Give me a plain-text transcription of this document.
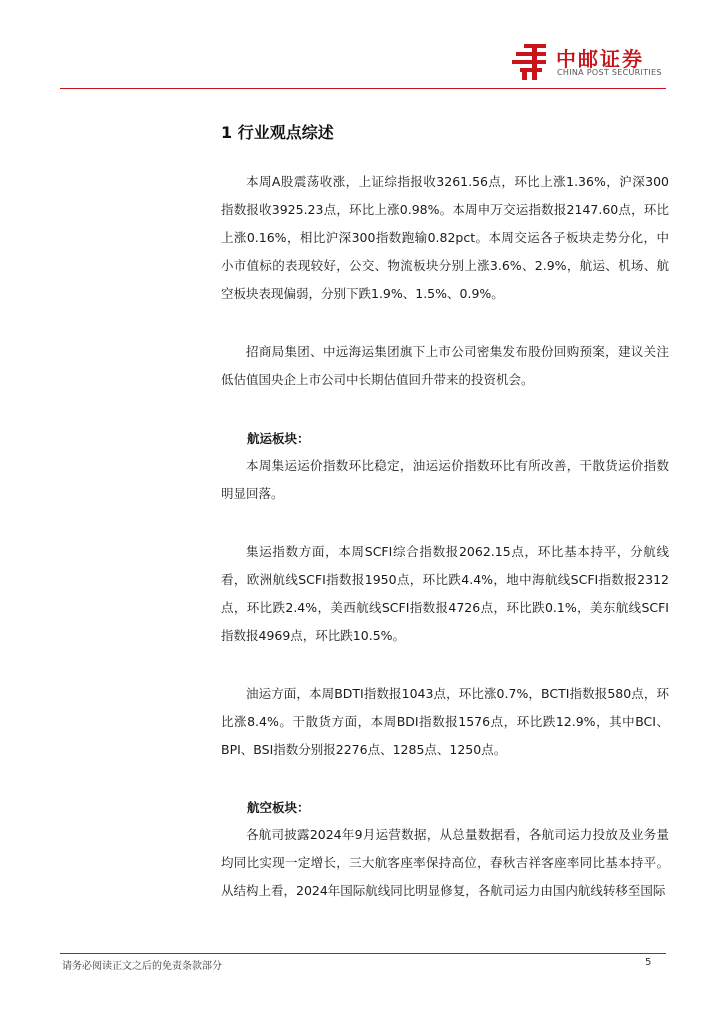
中邮证券
CHINA POST SECURITIES
1 行业观点综述

本周A股震荡收涨，上证综指报收3261.56点，环比上涨1.36%，沪深300指数报收3925.23点，环比上涨0.98%。本周申万交运指数报2147.60点，环比上涨0.16%，相比沪深300指数跑输0.82pct。本周交运各子板块走势分化，中小市值标的表现较好，公交、物流板块分别上涨3.6%、2.9%，航运、机场、航空板块表现偏弱，分别下跌1.9%、1.5%、0.9%。

招商局集团、中远海运集团旗下上市公司密集发布股份回购预案，建议关注低估值国央企上市公司中长期估值回升带来的投资机会。

航运板块：

本周集运运价指数环比稳定，油运运价指数环比有所改善，干散货运价指数明显回落。

集运指数方面，本周SCFI综合指数报2062.15点，环比基本持平，分航线看，欧洲航线SCFI指数报1950点，环比跌4.4%，地中海航线SCFI指数报2312点，环比跌2.4%，美西航线SCFI指数报4726点，环比跌0.1%，美东航线SCFI指数报4969点，环比跌10.5%。

油运方面，本周BDTI指数报1043点，环比涨0.7%，BCTI指数报580点，环比涨8.4%。干散货方面，本周BDI指数报1576点，环比跌12.9%，其中BCI、BPI、BSI指数分别报2276点、1285点、1250点。

航空板块：

各航司披露2024年9月运营数据，从总量数据看，各航司运力投放及业务量均同比实现一定增长，三大航客座率保持高位，春秋吉祥客座率同比基本持平。从结构上看，2024年国际航线同比明显修复，各航司运力由国内航线转移至国际

请务必阅读正文之后的免责条款部分	5
